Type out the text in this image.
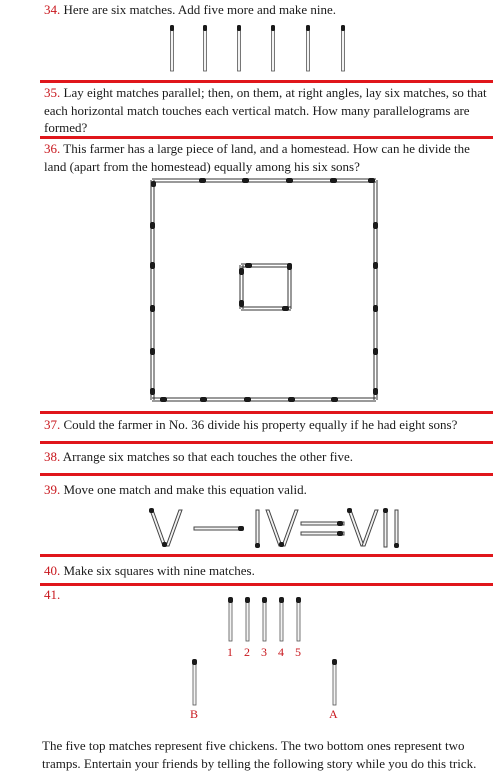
34. Here are six matches. Add five more and make nine.

35. Lay eight matches parallel; then, on them, at right angles, lay six matches, so that each horizontal match touches each vertical match. How many parallelograms are formed?

36. This farmer has a large piece of land, and a homestead. How can he divide the land (apart from the homestead) equally among his six sons?

37. Could the farmer in No. 36 divide his property equally if he had eight sons?

38. Arrange six matches so that each touches the other five.

39. Move one match and make this equation valid.

40. Make six squares with nine matches.

41.

1 2 3 4 5
B	A

The five top matches represent five chickens. The two bottom ones represent two tramps. Entertain your friends by telling the following story while you do this trick.
